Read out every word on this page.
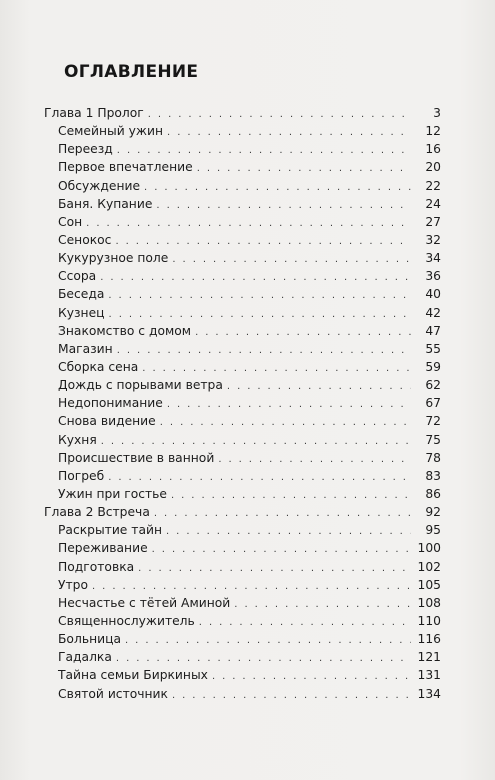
ОГЛАВЛЕНИЕ
Глава 1 Пролог . . .	3
Семейный ужин . . .	12
Переезд . . .	16
Первое впечатление . . .	20
Обсуждение . . .	22
Баня. Купание . . .	24
Сон . . .	27
Сенокос . . .	32
Кукурузное поле . . .	34
Ссора . . .	36
Беседа . . .	40
Кузнец . . .	42
Знакомство с домом . . .	47
Магазин . . .	55
Сборка сена . . .	59
Дождь с порывами ветра . . .	62
Недопонимание . . .	67
Снова видение . . .	72
Кухня . . .	75
Происшествие в ванной . . .	78
Погреб . . .	83
Ужин при гостье . . .	86
Глава 2 Встреча . . .	92
Раскрытие тайн . . .	95
Переживание . . .	100
Подготовка . . .	102
Утро . . .	105
Несчастье с тётей Аминой . . .	108
Священнослужитель . . .	110
Больница . . .	116
Гадалка . . .	121
Тайна семьи Биркиных . . .	131
Святой источник . . .	134
